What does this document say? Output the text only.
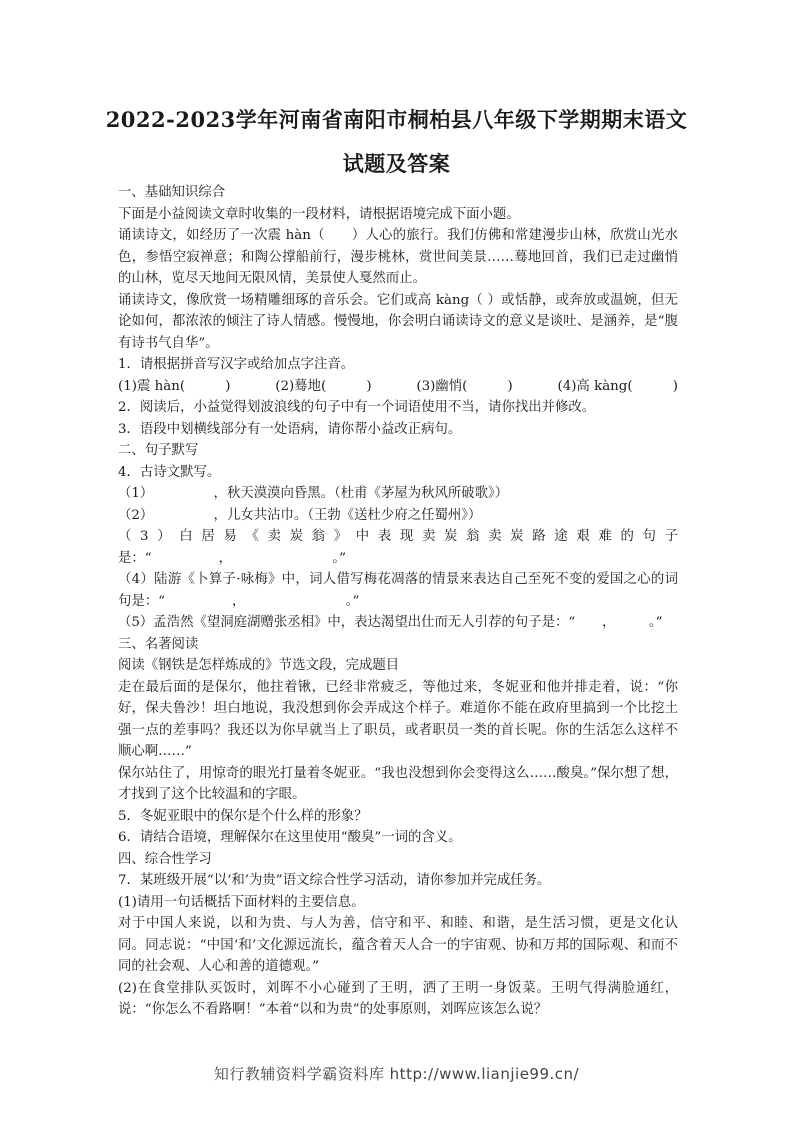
2022-2023学年河南省南阳市桐柏县八年级下学期期末语文
试题及答案

一、基础知识综合

下面是小益阅读文章时收集的一段材料，请根据语境完成下面小题。

诵读诗文，如经历了一次震 hàn（　　）人心的旅行。我们仿佛和常建漫步山林，欣赏山光水色，参悟空寂禅意；和陶公撑船前行，漫步桃林，赏世间美景……蓦地回首，我们已走过幽悄的山林，览尽天地间无限风情，美景使人戛然而止。

诵读诗文，像欣赏一场精雕细琢的音乐会。它们或高 kàng（ ）或恬静，或奔放或温婉，但无论如何，都浓浓的倾注了诗人情感。慢慢地，你会明白诵读诗文的意义是谈吐、是涵养，是“腹有诗书气自华”。

1．请根据拼音写汉字或给加点字注音。

(1)震 hàn(　　　)	(2)蓦地(　　　)	(3)幽悄(　　　)	(4)高 kàng(　　　)

2．阅读后，小益觉得划波浪线的句子中有一个词语使用不当，请你找出并修改。

3．语段中划横线部分有一处语病，请你帮小益改正病句。

二、句子默写

4．古诗文默写。

（1）　　　　　，秋天漠漠向昏黑。（杜甫《茅屋为秋风所破歌》）

（2）　　　　　，儿女共沾巾。（王勃《送杜少府之任蜀州》）

（3）白居易《卖炭翁》中表现卖炭翁卖炭路途艰难的句子是：“　　　　　，　　　　　　　　。”

（4）陆游《卜算子·咏梅》中，词人借写梅花凋落的情景来表达自己至死不变的爱国之心的词句是：“　　　　　，　　　　　　　　。”

（5）孟浩然《望洞庭湖赠张丞相》中，表达渴望出仕而无人引荐的句子是：“　　，　　　。”

三、名著阅读

阅读《钢铁是怎样炼成的》节选文段，完成题目

走在最后面的是保尔，他拄着锹，已经非常疲乏，等他过来，冬妮亚和他并排走着，说：“你好，保夫鲁沙！坦白地说，我没想到你会弄成这个样子。难道你不能在政府里搞到一个比挖土强一点的差事吗？我还以为你早就当上了职员，或者职员一类的首长呢。你的生活怎么这样不顺心啊……”

保尔站住了，用惊奇的眼光打量着冬妮亚。“我也没想到你会变得这么……酸臭。”保尔想了想，才找到了这个比较温和的字眼。

5．冬妮亚眼中的保尔是个什么样的形象？

6．请结合语境，理解保尔在这里使用“酸臭”一词的含义。

四、综合性学习

7．某班级开展“以‘和’为贵”语文综合性学习活动，请你参加并完成任务。

(1)请用一句话概括下面材料的主要信息。

对于中国人来说，以和为贵、与人为善，信守和平、和睦、和谐，是生活习惯，更是文化认同。同志说：“中国‘和’文化源远流长，蕴含着天人合一的宇宙观、协和万邦的国际观、和而不同的社会观、人心和善的道德观。”

(2)在食堂排队买饭时，刘晖不小心碰到了王明，洒了王明一身饭菜。王明气得满脸通红，说：“你怎么不看路啊！”本着“以和为贵”的处事原则，刘晖应该怎么说？

知行教辅资料学霸资料库 http://www.lianjie99.cn/
